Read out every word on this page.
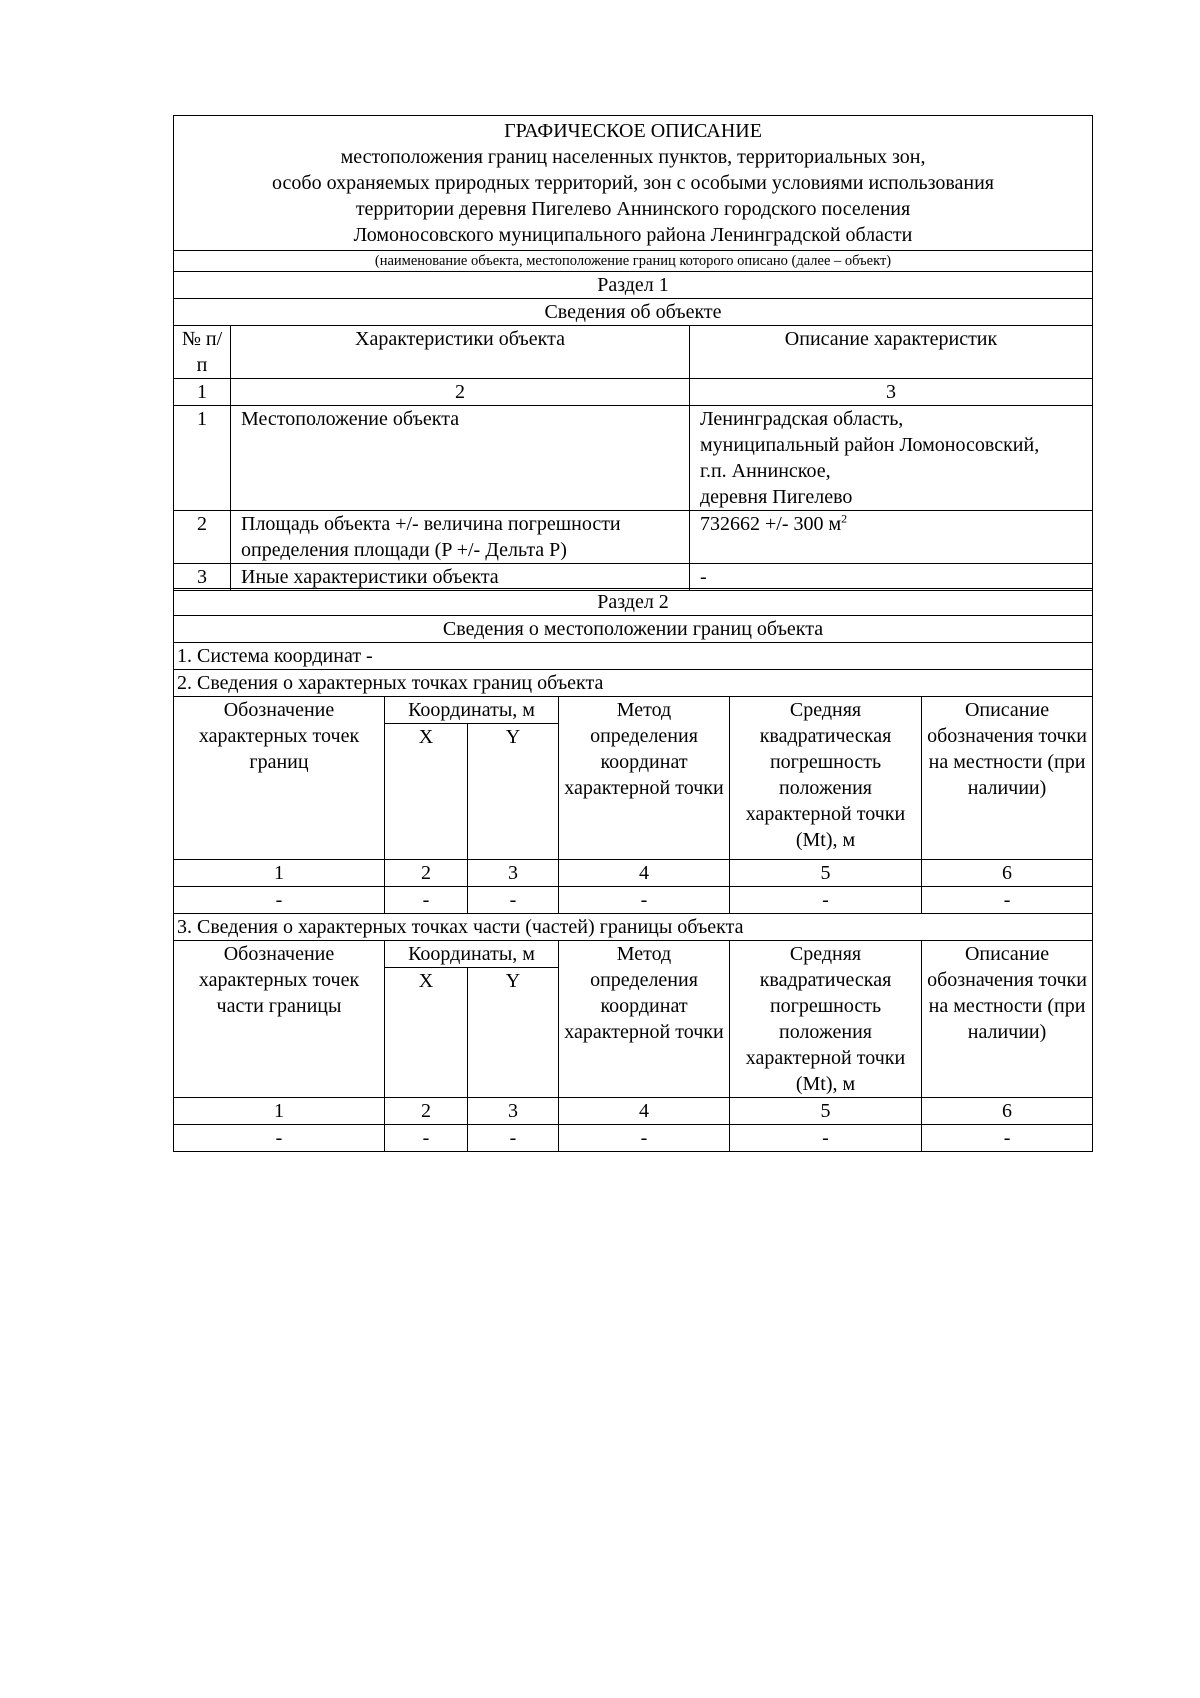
ГРАФИЧЕСКОЕ ОПИСАНИЕ
местоположения границ населенных пунктов, территориальных зон,
особо охраняемых природных территорий, зон с особыми условиями использования
территории деревня Пигелево Аннинского городского поселения
Ломоносовского муниципального района Ленинградской области		

(наименование объекта, местоположение границ которого описано (далее – объект)		
Раздел 1		
Сведения об объекте		
№ п/п	Характеристики объекта	Описание характеристик
1	2	3
1	Местоположение объекта	Ленинградская область,
муниципальный район Ломоносовский,
г.п. Аннинское,
деревня Пигелево

2	Площадь объекта +/- величина погрешности
определения площади (P +/- Дельта P)	732662 +/- 300 $м^2$
3	Иные характеристики объекта	-
Раздел 2					
Сведения о местоположении границ объекта					
1. Система координат -					
2. Сведения о характерных точках границ объекта					
Обозначение характерных точек границ	Координаты, м		Метод определения координат характерной точки	Средняя квадратическая погрешность положения характерной точки (Mt), м	Описание обозначения точки на местности (при наличии)
	X	Y			
1	2	3	4	5	6
-	-	-	-	-	-
3. Сведения о характерных точках части (частей) границы объекта					
Обозначение характерных точек части границы	Координаты, м		Метод определения координат характерной точки	Средняя квадратическая погрешность положения характерной точки (Mt), м	Описание обозначения точки на местности (при наличии)
	X	Y			
1	2	3	4	5	6
-	-	-	-	-	-
